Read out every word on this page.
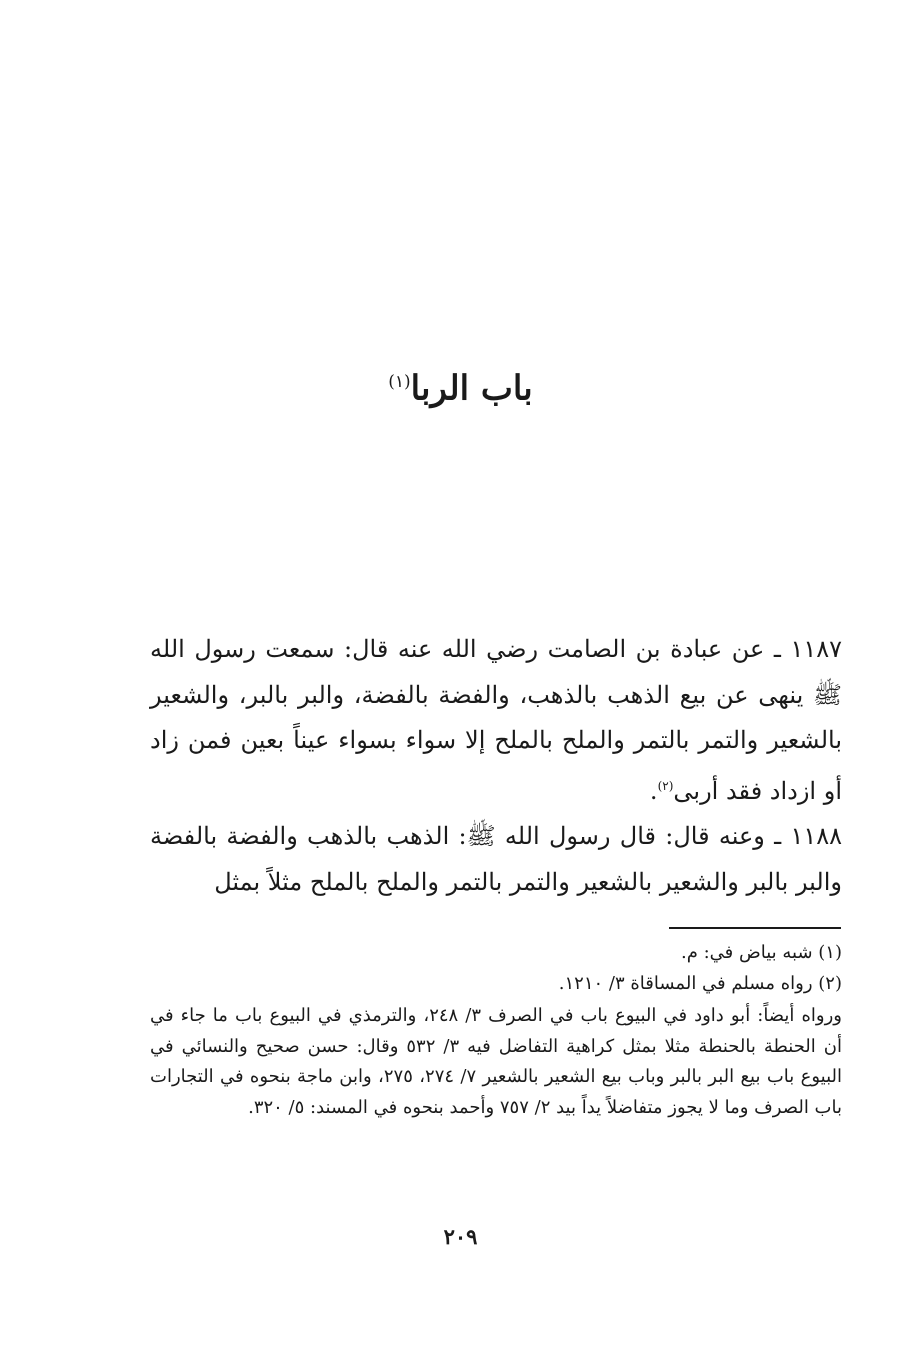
باب الربا$^{(١)}$

١١٨٧ ـ عن عبادة بن الصامت رضي الله عنه قال: سمعت رسول الله ﷺ ينهى عن بيع الذهب بالذهب، والفضة بالفضة، والبر بالبر، والشعير بالشعير والتمر بالتمر والملح بالملح إلا سواء بسواء عيناً بعين فمن زاد أو ازداد فقد أربى$^{(٢)}$.

١١٨٨ ـ وعنه قال: قال رسول الله ﷺ: الذهب بالذهب والفضة بالفضة والبر بالبر والشعير بالشعير والتمر بالتمر والملح بالملح مثلاً بمثل

(١) شبه بياض في: م.

(٢) رواه مسلم في المساقاة ٣/ ١٢١٠.

ورواه أيضاً: أبو داود في البيوع باب في الصرف ٣/ ٢٤٨، والترمذي في البيوع باب ما جاء في أن الحنطة بالحنطة مثلا بمثل كراهية التفاضل فيه ٣/ ٥٣٢ وقال: حسن صحيح والنسائي في البيوع باب بيع البر بالبر وباب بيع الشعير بالشعير ٧/ ٢٧٤، ٢٧٥، وابن ماجة بنحوه في التجارات باب الصرف وما لا يجوز متفاضلاً يداً بيد ٢/ ٧٥٧ وأحمد بنحوه في المسند: ٥/ ٣٢٠.

٢٠٩
